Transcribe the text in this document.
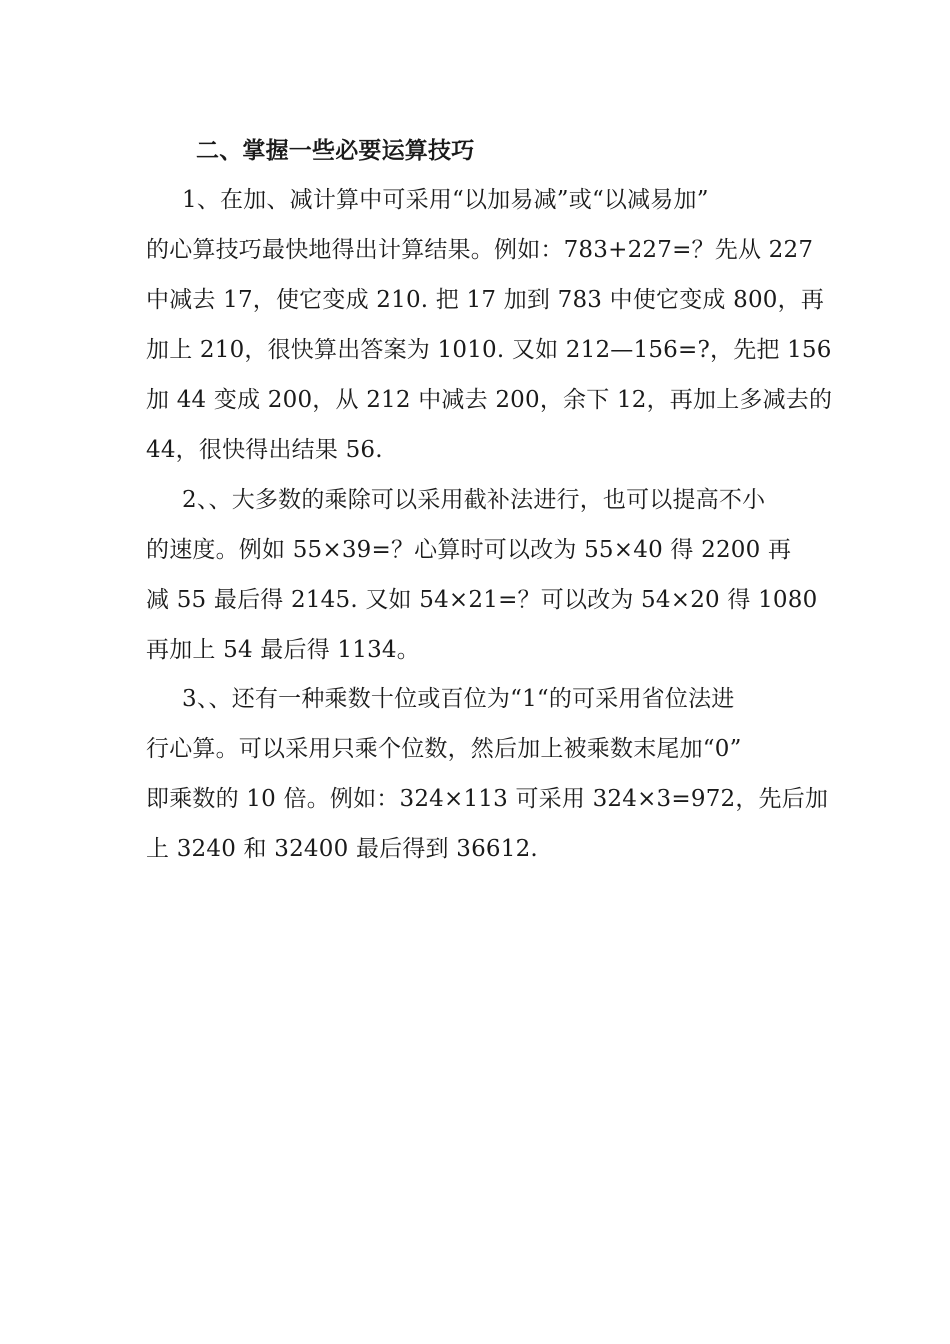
二、掌握一些必要运算技巧
1、在加、减计算中可采用“以加易减”或“以减易加”
的心算技巧最快地得出计算结果。例如：783+227=？先从 227
中减去 17，使它变成 210. 把 17 加到 783 中使它变成 800，再
加上 210，很快算出答案为 1010. 又如 212—156=?，先把 156
加 44 变成 200，从 212 中减去 200，余下 12，再加上多减去的
44，很快得出结果 56.
2、、大多数的乘除可以采用截补法进行，也可以提高不小
的速度。例如 55×39=？心算时可以改为 55×40 得 2200 再
减 55 最后得 2145. 又如 54×21=？可以改为 54×20 得 1080
再加上 54 最后得 1134。
3、、还有一种乘数十位或百位为“1“的可采用省位法进
行心算。可以采用只乘个位数，然后加上被乘数末尾加“0”
即乘数的 10 倍。例如：324×113 可采用 324×3=972，先后加
上 3240 和 32400 最后得到 36612.
